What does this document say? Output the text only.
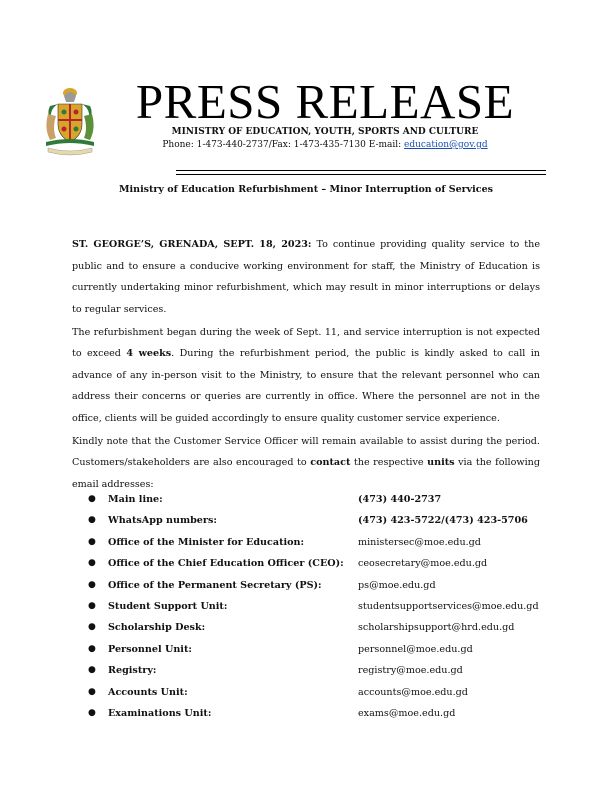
PRESS RELEASE
MINISTRY OF EDUCATION, YOUTH, SPORTS AND CULTURE
Phone: 1-473-440-2737/Fax: 1-473-435-7130 E-mail: education@gov.gd
Ministry of Education Refurbishment – Minor Interruption of Services

ST. GEORGE’S, GRENADA, SEPT. 18, 2023: To continue providing quality service to the public and to ensure a conducive working environment for staff, the Ministry of Education is currently undertaking minor refurbishment, which may result in minor interruptions or delays to regular services.

The refurbishment began during the week of Sept. 11, and service interruption is not expected to exceed 4 weeks. During the refurbishment period, the public is kindly asked to call in advance of any in-person visit to the Ministry, to ensure that the relevant personnel who can address their concerns or queries are currently in office. Where the personnel are not in the office, clients will be guided accordingly to ensure quality customer service experience.

Kindly note that the Customer Service Officer will remain available to assist during the period. Customers/stakeholders are also encouraged to contact the respective units via the following email addresses:

● Main line:	(473) 440-2737
● WhatsApp numbers:	(473) 423-5722/(473) 423-5706
● Office of the Minister for Education:	ministersec@moe.edu.gd
● Office of the Chief Education Officer (CEO): ceosecretary@moe.edu.gd
● Office of the Permanent Secretary (PS):	ps@moe.edu.gd
● Student Support Unit:	studentsupportservices@moe.edu.gd
● Scholarship Desk:	scholarshipsupport@hrd.edu.gd
● Personnel Unit:	personnel@moe.edu.gd
● Registry:	registry@moe.edu.gd
● Accounts Unit:	accounts@moe.edu.gd
● Examinations Unit:	exams@moe.edu.gd
